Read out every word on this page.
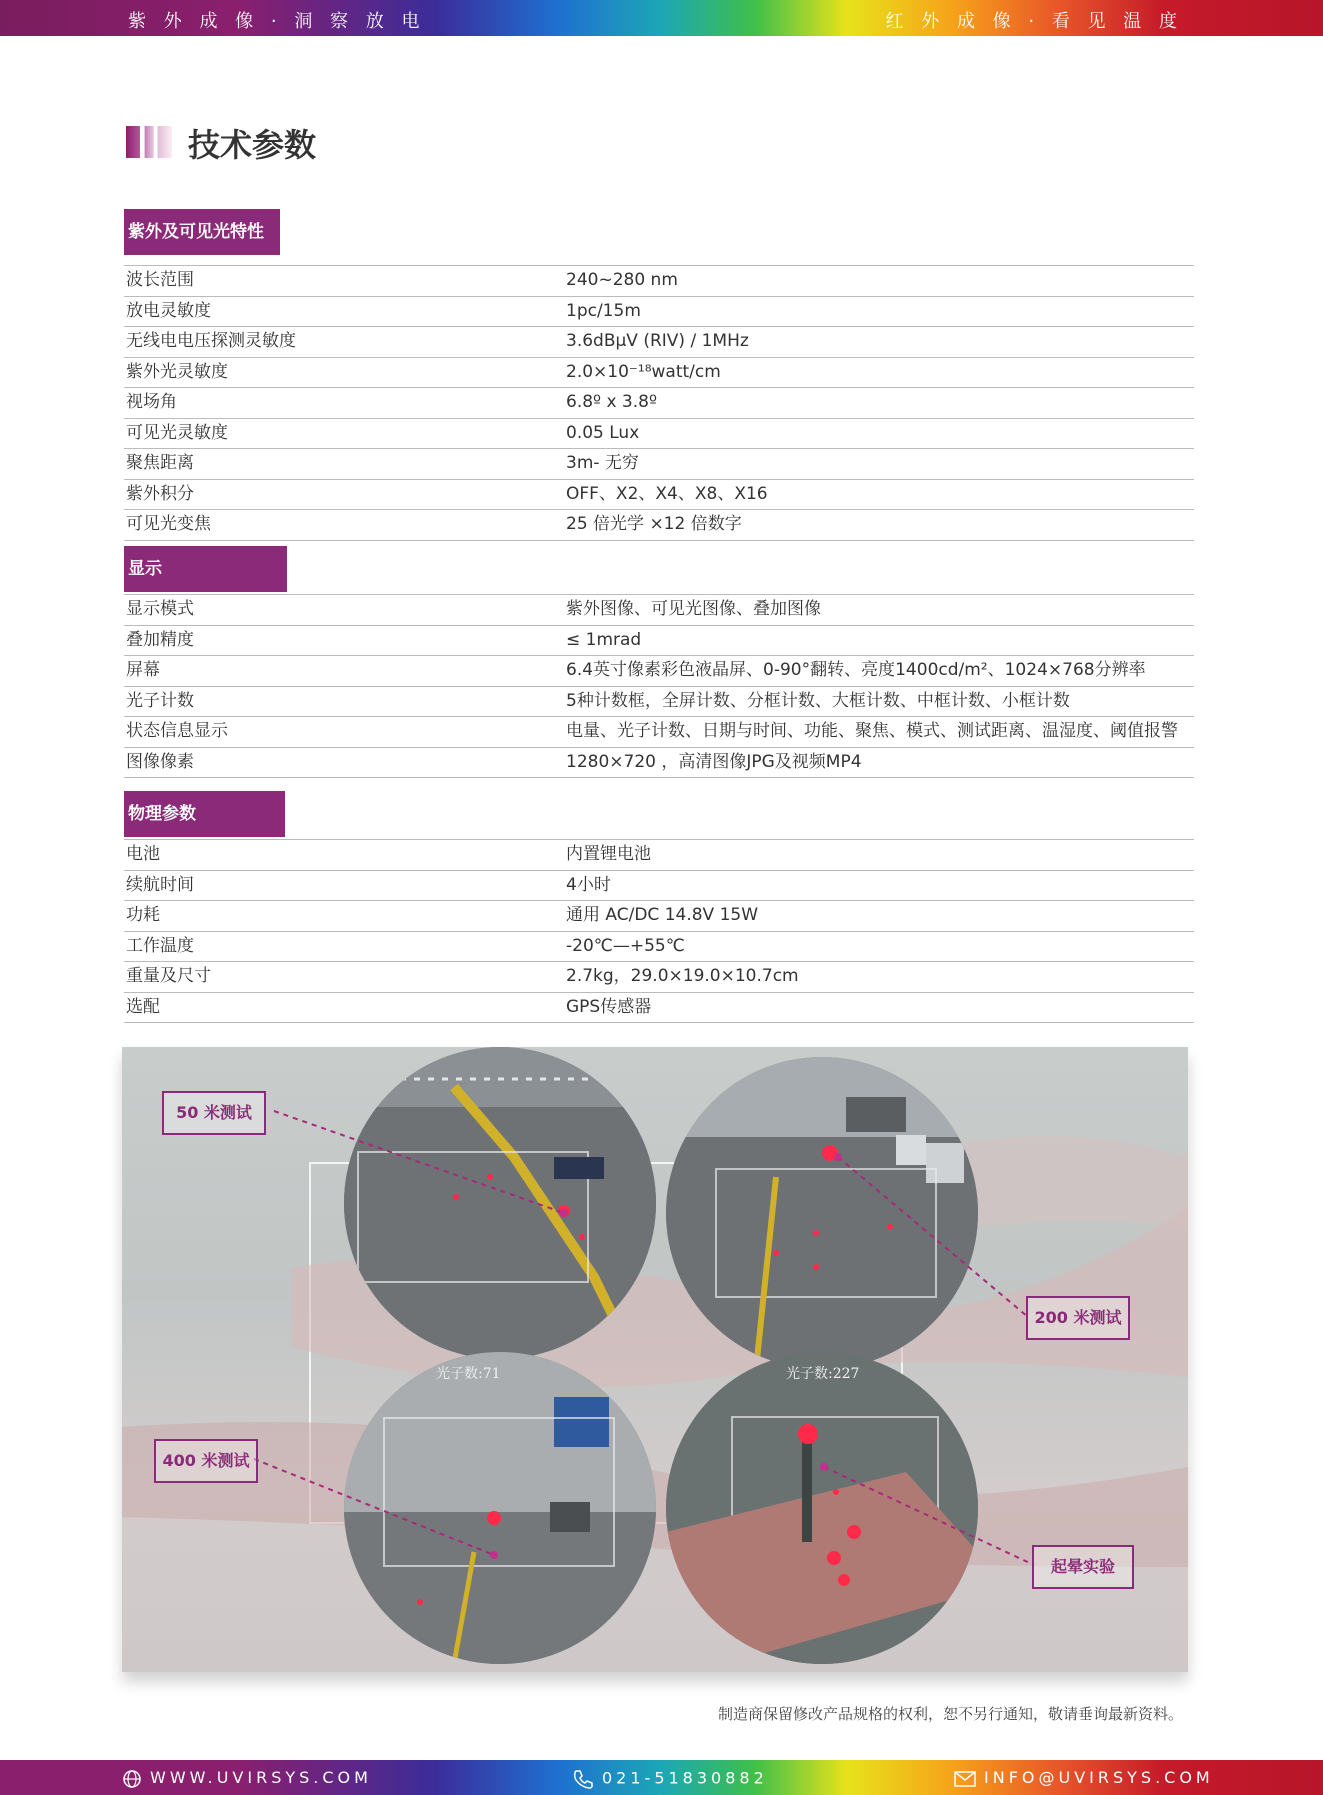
紫 外 成 像 · 洞 察 放 电	红 外 成 像 · 看 见 温 度
技术参数
紫外及可见光特性
波长范围	240~280 nm
放电灵敏度	1pc/15m
无线电电压探测灵敏度	3.6dBμV (RIV) / 1MHz
紫外光灵敏度	2.0×10⁻¹⁸watt/cm
视场角	6.8º x 3.8º
可见光灵敏度	0.05 Lux
聚焦距离	3m- 无穷
紫外积分	OFF、X2、X4、X8、X16
可见光变焦	25 倍光学 ×12 倍数字
显示
显示模式	紫外图像、可见光图像、叠加图像
叠加精度	≤ 1mrad
屏幕	6.4英寸像素彩色液晶屏、0-90°翻转、亮度1400cd/m²、1024×768分辨率
光子计数	5种计数框，全屏计数、分框计数、大框计数、中框计数、小框计数
状态信息显示	电量、光子计数、日期与时间、功能、聚焦、模式、测试距离、温湿度、阈值报警
图像像素	1280×720 ，高清图像JPG及视频MP4
物理参数
电池	内置锂电池
续航时间	4小时
功耗	通用 AC/DC 14.8V 15W
工作温度	-20℃—+55℃
重量及尺寸	2.7kg，29.0×19.0×10.7cm
选配	GPS传感器
光子数:71	光子数:227
50 米测试
200 米测试
400 米测试
起晕实验
制造商保留修改产品规格的权利，恕不另行通知，敬请垂询最新资料。
WWW.UVIRSYS.COM	021-51830882	INFO@UVIRSYS.COM
